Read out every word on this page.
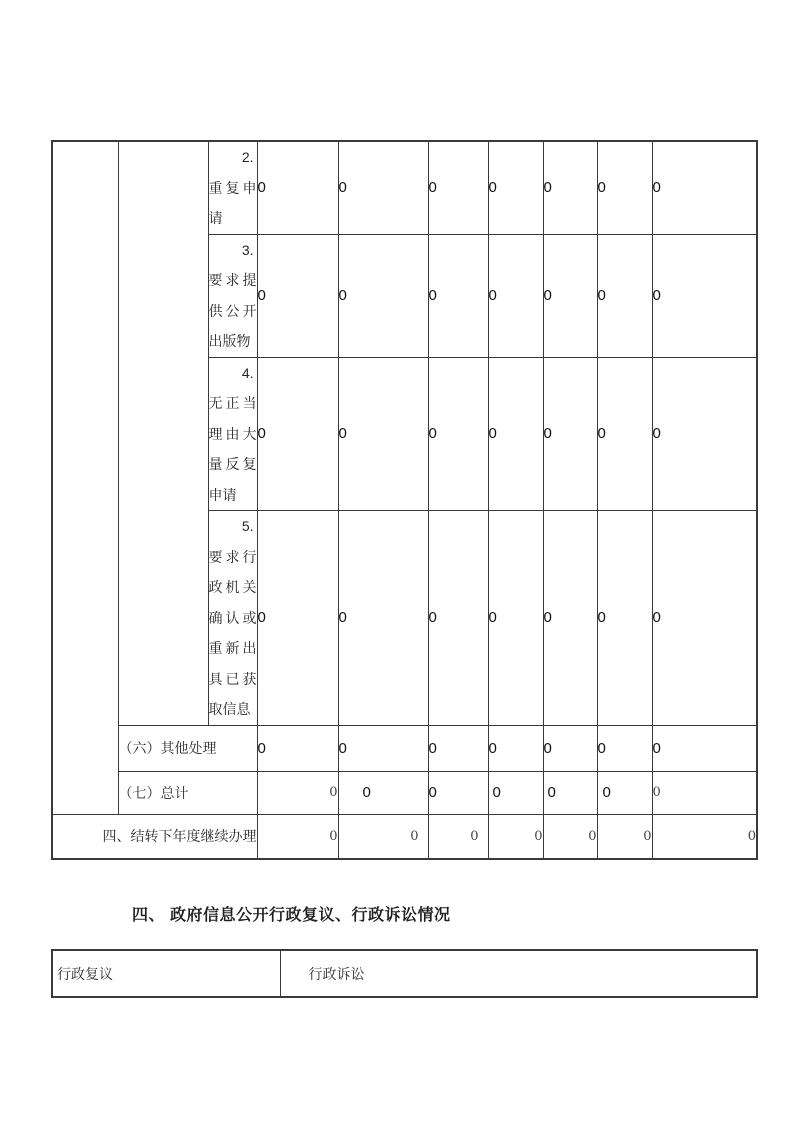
		2.
重复申请	0	0	0	0	0	0	0

		3.
要求提供公开出版物	0	0	0	0	0	0	0

		4.
无正当理由大量反复申请	0	0	0	0	0	0	0

		5.
要求行政机关确认或重新出具已获取信息	0	0	0	0	0	0	0
	（六）其他处理		0	0	0	0	0	0	0
	（七）总计		0	0	0	0	0	0	0
四、结转下年度继续办理			0	0	0	0	0	0	0
四、 政府信息公开行政复议、行政诉讼情况
行政复议	行政诉讼
